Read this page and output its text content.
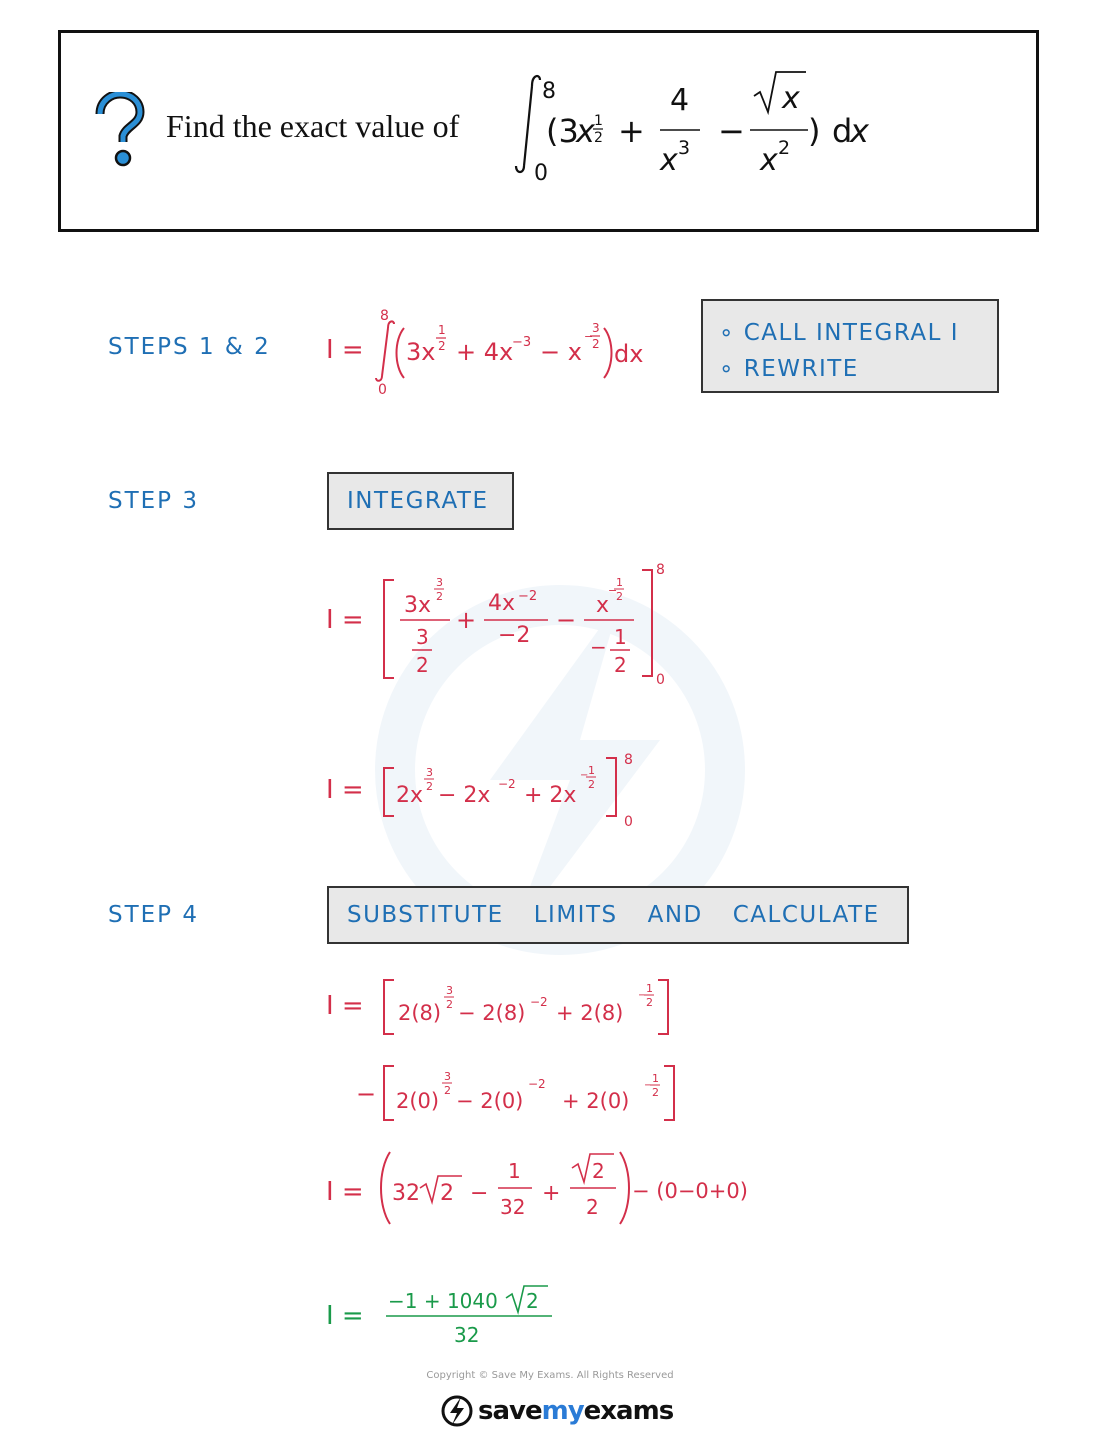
Find the exact value of
8
0
(3
x 1
2 +
4
x 3 −
x
x 2 ) d
x
STEPS 1 & 2 I =
8
0
3x
1
2 + 4x
−3 − x
−
3
2 dx
∘ CALL INTEGRAL I
∘ REWRITE
STEP 3	INTEGRATE
I = 3x
3
2
3
2
+
4x −2
−2
−
x
−
1
2
− 1
2
8
0
I = 2x
3
2 − 2x −2 + 2x
− 1
2
8
0
STEP 4	SUBSTITUTE LIMITS AND CALCULATE
I = 2(8)
3
2 − 2(8) −2 + 2(8)
−
1
2
− 2(0)
3
2 − 2(0)
−2
+ 2(0)
−
1
2
I = 32 2 −
1
32
+
2
2
− (0−0+0)
I = −1 + 1040 2
32
Copyright © Save My Exams. All Rights Reserved
savemyexams
